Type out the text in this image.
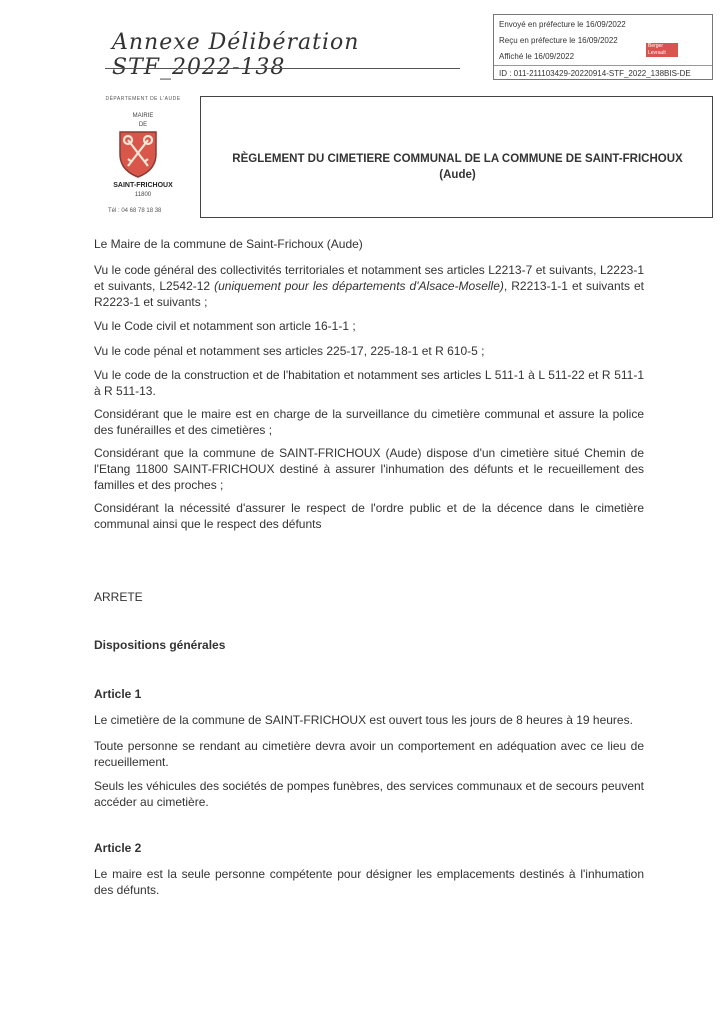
Annexe Délibération STF_2022-138
Envoyé en préfecture le 16/09/2022
Reçu en préfecture le 16/09/2022
Affiché le 16/09/2022
Berger Levrault
ID : 011-211103429-20220914-STF_2022_138BIS-DE
DÉPARTEMENT DE L'AUDE
MAIRIE
DE
SAINT-FRICHOUX
11800
Tél : 04 68 78 18 38
RÈGLEMENT DU CIMETIERE COMMUNAL DE LA COMMUNE DE SAINT-FRICHOUX
(Aude)
Le Maire de la commune de Saint-Frichoux (Aude)
Vu le code général des collectivités territoriales et notamment ses articles L2213-7 et suivants, L2223-1 et suivants, L2542-12 (uniquement pour les départements d'Alsace-Moselle), R2213-1-1 et suivants et R2223-1 et suivants ;
Vu le Code civil et notamment son article 16-1-1 ;
Vu le code pénal et notamment ses articles 225-17, 225-18-1 et R 610-5 ;
Vu le code de la construction et de l'habitation et notamment ses articles L 511-1 à L 511-22 et R 511-1 à R 511-13.
Considérant que le maire est en charge de la surveillance du cimetière communal et assure la police des funérailles et des cimetières ;
Considérant que la commune de SAINT-FRICHOUX (Aude) dispose d'un cimetière situé Chemin de l'Etang 11800 SAINT-FRICHOUX destiné à assurer l'inhumation des défunts et le recueillement des familles et des proches ;
Considérant la nécessité d'assurer le respect de l'ordre public et de la décence dans le cimetière communal ainsi que le respect des défunts
ARRETE
Dispositions générales
Article 1
Le cimetière de la commune de SAINT-FRICHOUX est ouvert tous les jours de 8 heures à 19 heures.
Toute personne se rendant au cimetière devra avoir un comportement en adéquation avec ce lieu de recueillement.
Seuls les véhicules des sociétés de pompes funèbres, des services communaux et de secours peuvent accéder au cimetière.
Article 2
Le maire est la seule personne compétente pour désigner les emplacements destinés à l'inhumation des défunts.
